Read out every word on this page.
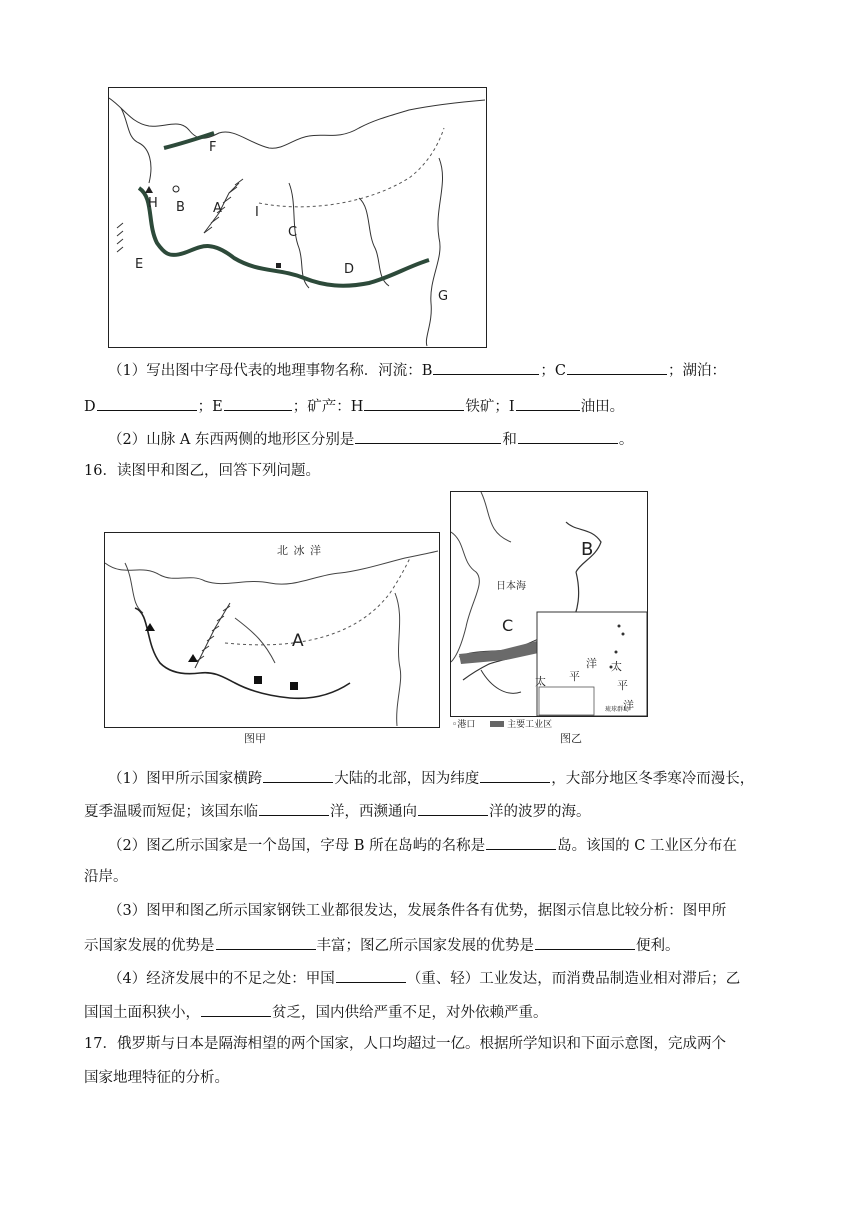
F
H B A	I
C
E	D
G
（1）写出图中字母代表的地理事物名称．河流：B	；C	；湖泊：
D	；E	；矿产：H	铁矿；I	油田。
（2）山脉 A 东西两侧的地形区分别是	和	。
16．读图甲和图乙，回答下列问题。
北 冰 洋
A
图甲
B
日本海
C
洋
平
太
太
平
洋
琉球群岛
◦港口	主要工业区
图乙
（1）图甲所示国家横跨	大陆的北部，因为纬度	，大部分地区冬季寒冷而漫长，
夏季温暖而短促；该国东临	洋，西濒通向	洋的波罗的海。
（2）图乙所示国家是一个岛国，字母 B 所在岛屿的名称是	岛。该国的 C 工业区分布在
沿岸。
（3）图甲和图乙所示国家钢铁工业都很发达，发展条件各有优势，据图示信息比较分析：图甲所
示国家发展的优势是	丰富；图乙所示国家发展的优势是	便利。
（4）经济发展中的不足之处：甲国	（重、轻）工业发达，而消费品制造业相对滞后；乙
国国土面积狭小，	贫乏，国内供给严重不足，对外依赖严重。
17．俄罗斯与日本是隔海相望的两个国家，人口均超过一亿。根据所学知识和下面示意图，完成两个
国家地理特征的分析。
